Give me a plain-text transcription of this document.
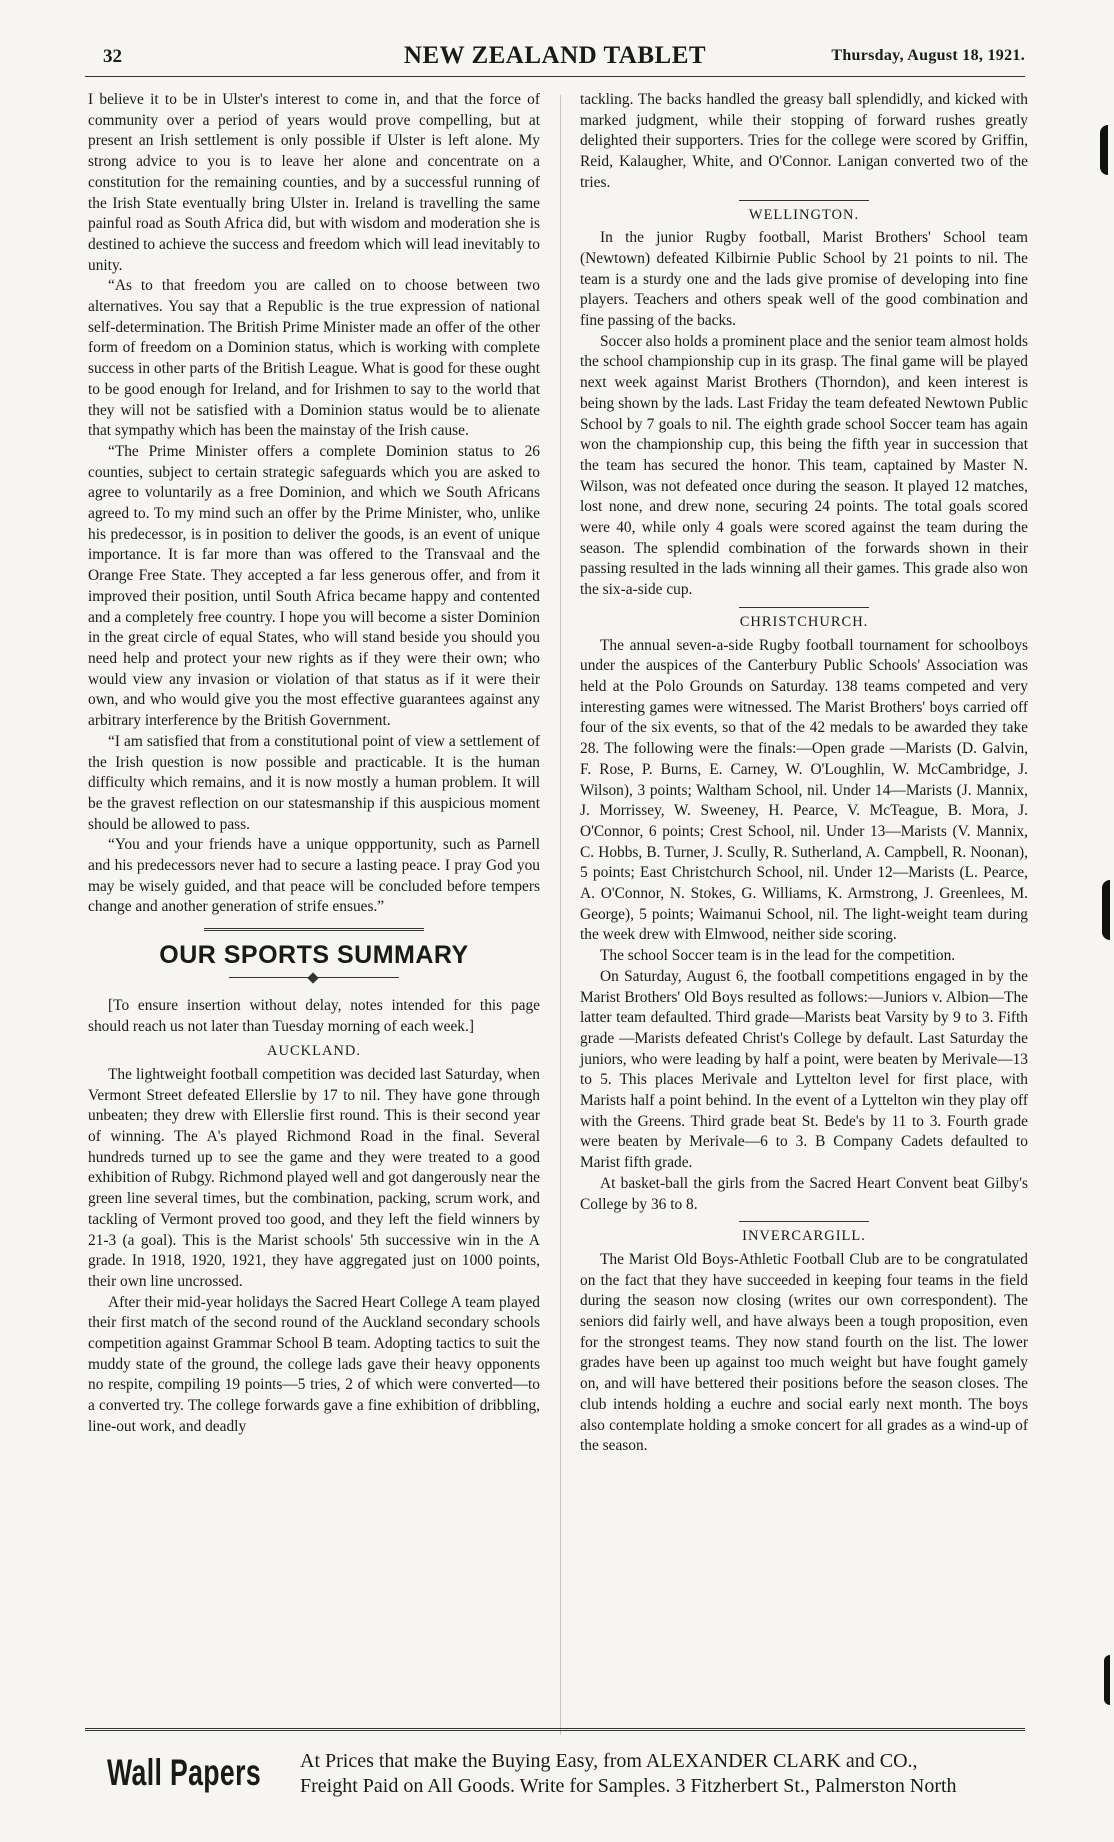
32	NEW ZEALAND TABLET	Thursday, August 18, 1921.

I believe it to be in Ulster's interest to come in, and that the force of community over a period of years would prove compelling, but at present an Irish settlement is only possible if Ulster is left alone. My strong advice to you is to leave her alone and concentrate on a constitution for the remaining counties, and by a successful running of the Irish State eventually bring Ulster in. Ireland is travelling the same painful road as South Africa did, but with wisdom and moderation she is destined to achieve the success and freedom which will lead inevitably to unity.

“As to that freedom you are called on to choose between two alternatives. You say that a Republic is the true expression of national self-determination. The British Prime Minister made an offer of the other form of freedom on a Dominion status, which is working with complete success in other parts of the British League. What is good for these ought to be good enough for Ireland, and for Irishmen to say to the world that they will not be satisfied with a Dominion status would be to alienate that sympathy which has been the mainstay of the Irish cause.

“The Prime Minister offers a complete Dominion status to 26 counties, subject to certain strategic safeguards which you are asked to agree to voluntarily as a free Dominion, and which we South Africans agreed to. To my mind such an offer by the Prime Minister, who, unlike his predecessor, is in position to deliver the goods, is an event of unique importance. It is far more than was offered to the Transvaal and the Orange Free State. They accepted a far less generous offer, and from it improved their position, until South Africa became happy and contented and a completely free country. I hope you will become a sister Dominion in the great circle of equal States, who will stand beside you should you need help and protect your new rights as if they were their own; who would view any invasion or violation of that status as if it were their own, and who would give you the most effective guarantees against any arbitrary interference by the British Government.

“I am satisfied that from a constitutional point of view a settlement of the Irish question is now possible and practicable. It is the human difficulty which remains, and it is now mostly a human problem. It will be the gravest reflection on our statesmanship if this auspicious moment should be allowed to pass.

“You and your friends have a unique oppportunity, such as Parnell and his predecessors never had to secure a lasting peace. I pray God you may be wisely guided, and that peace will be concluded before tempers change and another generation of strife ensues.”

OUR SPORTS SUMMARY

[To ensure insertion without delay, notes intended for this page should reach us not later than Tuesday morning of each week.]

AUCKLAND.

The lightweight football competition was decided last Saturday, when Vermont Street defeated Ellerslie by 17 to nil. They have gone through unbeaten; they drew with Ellerslie first round. This is their second year of winning. The A's played Richmond Road in the final. Several hundreds turned up to see the game and they were treated to a good exhibition of Rubgy. Richmond played well and got dangerously near the green line several times, but the combination, packing, scrum work, and tackling of Vermont proved too good, and they left the field winners by 21-3 (a goal). This is the Marist schools' 5th successive win in the A grade. In 1918, 1920, 1921, they have aggregated just on 1000 points, their own line uncrossed.

After their mid-year holidays the Sacred Heart College A team played their first match of the second round of the Auckland secondary schools competition against Grammar School B team. Adopting tactics to suit the muddy state of the ground, the college lads gave their heavy opponents no respite, compiling 19 points—5 tries, 2 of which were converted—to a converted try. The college forwards gave a fine exhibition of dribbling, line-out work, and deadly

tackling. The backs handled the greasy ball splendidly, and kicked with marked judgment, while their stopping of forward rushes greatly delighted their supporters. Tries for the college were scored by Griffin, Reid, Kalaugher, White, and O'Connor. Lanigan converted two of the tries.

WELLINGTON.

In the junior Rugby football, Marist Brothers' School team (Newtown) defeated Kilbirnie Public School by 21 points to nil. The team is a sturdy one and the lads give promise of developing into fine players. Teachers and others speak well of the good combination and fine passing of the backs.

Soccer also holds a prominent place and the senior team almost holds the school championship cup in its grasp. The final game will be played next week against Marist Brothers (Thorndon), and keen interest is being shown by the lads. Last Friday the team defeated Newtown Public School by 7 goals to nil. The eighth grade school Soccer team has again won the championship cup, this being the fifth year in succession that the team has secured the honor. This team, captained by Master N. Wilson, was not defeated once during the season. It played 12 matches, lost none, and drew none, securing 24 points. The total goals scored were 40, while only 4 goals were scored against the team during the season. The splendid combination of the forwards shown in their passing resulted in the lads winning all their games. This grade also won the six-a-side cup.

CHRISTCHURCH.

The annual seven-a-side Rugby football tournament for schoolboys under the auspices of the Canterbury Public Schools' Association was held at the Polo Grounds on Saturday. 138 teams competed and very interesting games were witnessed. The Marist Brothers' boys carried off four of the six events, so that of the 42 medals to be awarded they take 28. The following were the finals:—Open grade —Marists (D. Galvin, F. Rose, P. Burns, E. Carney, W. O'Loughlin, W. McCambridge, J. Wilson), 3 points; Waltham School, nil. Under 14—Marists (J. Mannix, J. Morrissey, W. Sweeney, H. Pearce, V. McTeague, B. Mora, J. O'Connor, 6 points; Crest School, nil. Under 13—Marists (V. Mannix, C. Hobbs, B. Turner, J. Scully, R. Sutherland, A. Campbell, R. Noonan), 5 points; East Christchurch School, nil. Under 12—Marists (L. Pearce, A. O'Connor, N. Stokes, G. Williams, K. Armstrong, J. Greenlees, M. George), 5 points; Waimanui School, nil. The light-weight team during the week drew with Elmwood, neither side scoring.

The school Soccer team is in the lead for the competition.

On Saturday, August 6, the football competitions engaged in by the Marist Brothers' Old Boys resulted as follows:—Juniors v. Albion—The latter team defaulted. Third grade—Marists beat Varsity by 9 to 3. Fifth grade —Marists defeated Christ's College by default. Last Saturday the juniors, who were leading by half a point, were beaten by Merivale—13 to 5. This places Merivale and Lyttelton level for first place, with Marists half a point behind. In the event of a Lyttelton win they play off with the Greens. Third grade beat St. Bede's by 11 to 3. Fourth grade were beaten by Merivale—6 to 3. B Company Cadets defaulted to Marist fifth grade.

At basket-ball the girls from the Sacred Heart Convent beat Gilby's College by 36 to 8.

INVERCARGILL.

The Marist Old Boys-Athletic Football Club are to be congratulated on the fact that they have succeeded in keeping four teams in the field during the season now closing (writes our own correspondent). The seniors did fairly well, and have always been a tough proposition, even for the strongest teams. They now stand fourth on the list. The lower grades have been up against too much weight but have fought gamely on, and will have bettered their positions before the season closes. The club intends holding a euchre and social early next month. The boys also contemplate holding a smoke concert for all grades as a wind-up of the season.

Wall Papers At Prices that make the Buying Easy, from ALEXANDER CLARK and CO.,
Freight Paid on All Goods. Write for Samples. 3 Fitzherbert St., Palmerston North
